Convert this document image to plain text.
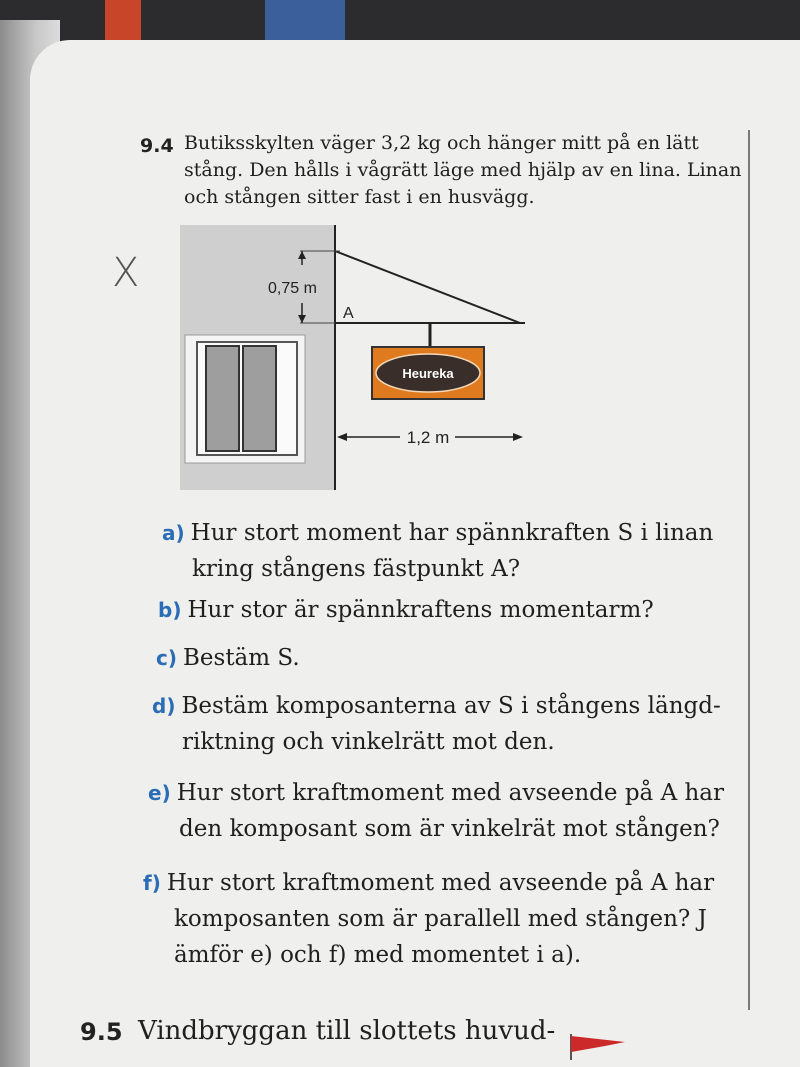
9.4 Butiksskylten väger 3,2 kg och hänger mitt på en lätt stång. Den hålls i vågrätt läge med hjälp av en lina. Linan och stången sitter fast i en husvägg.
X	0,75 m
A
Heureka
1,2 m
a) Hur stort moment har spännkraften S i linan
kring stångens fästpunkt A?
b) Hur stor är spännkraftens momentarm?
c) Bestäm S.
d) Bestäm komposanterna av S i stångens längd-
riktning och vinkelrätt mot den.
e) Hur stort kraftmoment med avseende på A har
den komposant som är vinkelrät mot stången?
f) Hur stort kraftmoment med avseende på A har
komposanten som är parallell med stången? J
ämför e) och f) med momentet i a).
9.5 Vindbryggan till slottets huvud-
